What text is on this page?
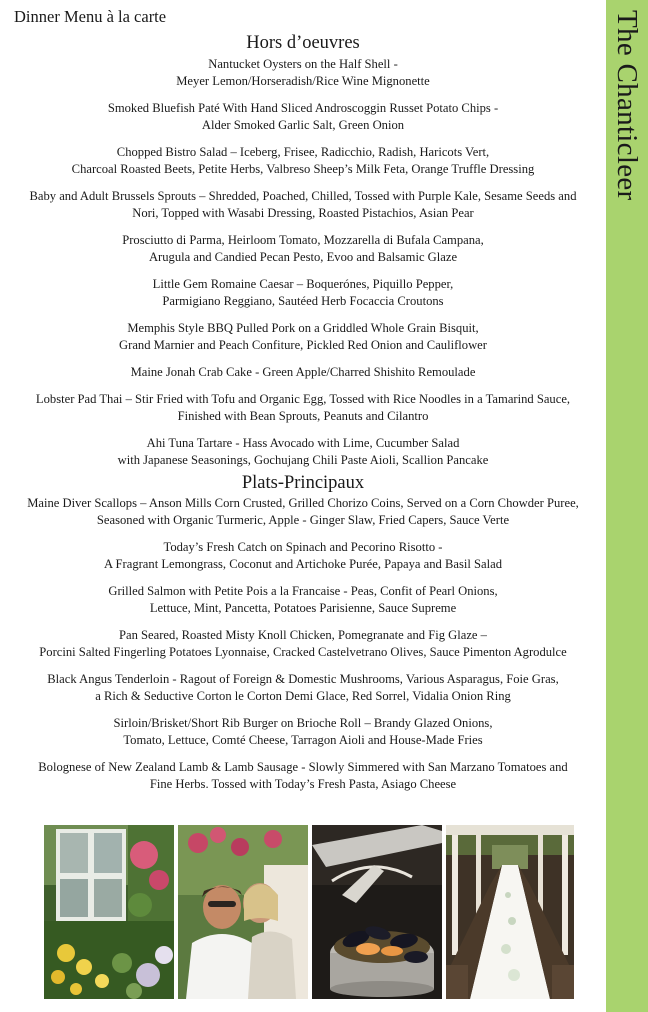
Dinner Menu à la carte
Hors d’oeuvres
Nantucket Oysters on the Half Shell -
Meyer Lemon/Horseradish/Rice Wine Mignonette
Smoked Bluefish Paté With Hand Sliced Androscoggin Russet Potato Chips -
Alder Smoked Garlic Salt, Green Onion
Chopped Bistro Salad – Iceberg, Frisee, Radicchio, Radish, Haricots Vert,
Charcoal Roasted Beets, Petite Herbs, Valbreso Sheep’s Milk Feta, Orange Truffle Dressing
Baby and Adult Brussels Sprouts – Shredded, Poached, Chilled, Tossed with Purple Kale, Sesame Seeds and
Nori, Topped with Wasabi Dressing, Roasted Pistachios, Asian Pear
Prosciutto di Parma, Heirloom Tomato, Mozzarella di Bufala Campana,
Arugula and Candied Pecan Pesto, Evoo and Balsamic Glaze
Little Gem Romaine Caesar – Boquerónes, Piquillo Pepper,
Parmigiano Reggiano, Sautéed Herb Focaccia Croutons
Memphis Style BBQ Pulled Pork on a Griddled Whole Grain Bisquit,
Grand Marnier and Peach Confiture, Pickled Red Onion and Cauliflower
Maine Jonah Crab Cake - Green Apple/Charred Shishito Remoulade
Lobster Pad Thai – Stir Fried with Tofu and Organic Egg, Tossed with Rice Noodles in a Tamarind Sauce,
Finished with Bean Sprouts, Peanuts and Cilantro
Ahi Tuna Tartare - Hass Avocado with Lime, Cucumber Salad
with Japanese Seasonings, Gochujang Chili Paste Aioli, Scallion Pancake
Plats-Principaux
Maine Diver Scallops – Anson Mills Corn Crusted, Grilled Chorizo Coins, Served on a Corn Chowder Puree,
Seasoned with Organic Turmeric, Apple - Ginger Slaw, Fried Capers, Sauce Verte
Today’s Fresh Catch on Spinach and Pecorino Risotto -
A Fragrant Lemongrass, Coconut and Artichoke Purée, Papaya and Basil Salad
Grilled Salmon with Petite Pois a la Francaise - Peas, Confit of Pearl Onions,
Lettuce, Mint, Pancetta, Potatoes Parisienne, Sauce Supreme
Pan Seared, Roasted Misty Knoll Chicken, Pomegranate and Fig Glaze –
Porcini Salted Fingerling Potatoes Lyonnaise, Cracked Castelvetrano Olives, Sauce Pimenton Agrodulce
Black Angus Tenderloin - Ragout of Foreign & Domestic Mushrooms, Various Asparagus, Foie Gras,
a Rich & Seductive Corton le Corton Demi Glace, Red Sorrel, Vidalia Onion Ring
Sirloin/Brisket/Short Rib Burger on Brioche Roll – Brandy Glazed Onions,
Tomato, Lettuce, Comté Cheese, Tarragon Aioli and House-Made Fries
Bolognese of New Zealand Lamb & Lamb Sausage - Slowly Simmered with San Marzano Tomatoes and
Fine Herbs. Tossed with Today’s Fresh Pasta, Asiago Cheese
The Chanticleer
